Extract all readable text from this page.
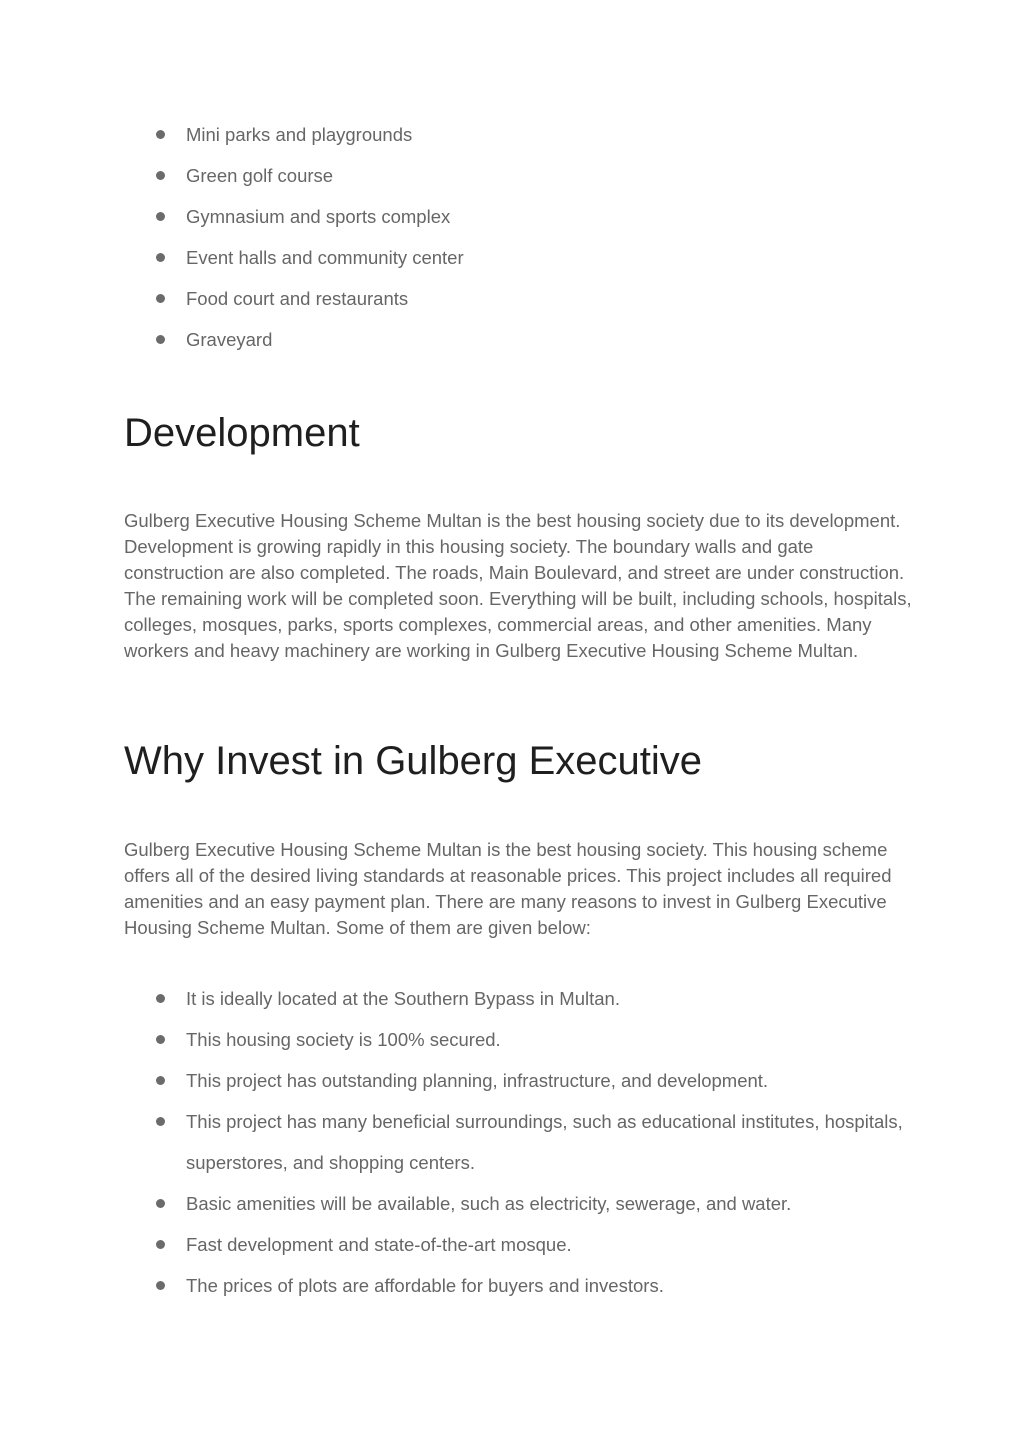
Mini parks and playgrounds
Green golf course
Gymnasium and sports complex
Event halls and community center
Food court and restaurants
Graveyard
Development

Gulberg Executive Housing Scheme Multan is the best housing society due to its development. Development is growing rapidly in this housing society. The boundary walls and gate construction are also completed. The roads, Main Boulevard, and street are under construction. The remaining work will be completed soon. Everything will be built, including schools, hospitals, colleges, mosques, parks, sports complexes, commercial areas, and other amenities. Many workers and heavy machinery are working in Gulberg Executive Housing Scheme Multan.

Why Invest in Gulberg Executive

Gulberg Executive Housing Scheme Multan is the best housing society. This housing scheme offers all of the desired living standards at reasonable prices. This project includes all required amenities and an easy payment plan. There are many reasons to invest in Gulberg Executive Housing Scheme Multan. Some of them are given below:

It is ideally located at the Southern Bypass in Multan.
This housing society is 100% secured.
This project has outstanding planning, infrastructure, and development.
This project has many beneficial surroundings, such as educational institutes, hospitals, superstores, and shopping centers.
Basic amenities will be available, such as electricity, sewerage, and water.
Fast development and state-of-the-art mosque.
The prices of plots are affordable for buyers and investors.
